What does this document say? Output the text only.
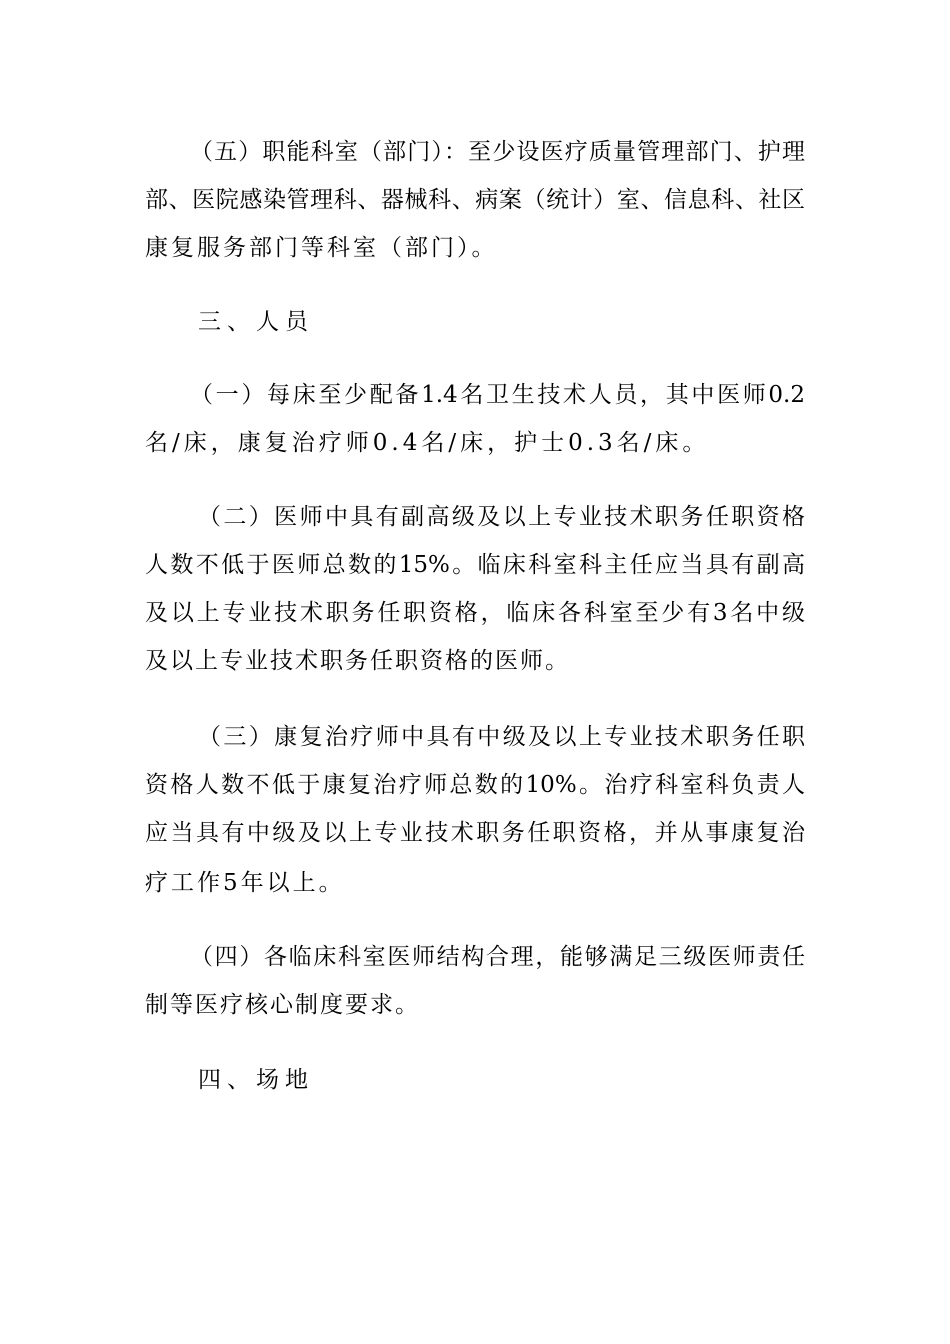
（五）职能科室（部门）：至少设医疗质量管理部门、护理
部、医院感染管理科、器械科、病案（统计）室、信息科、社区
康复服务部门等科室（部门）。
三、人员
（一）每床至少配备1.4名卫生技术人员，其中医师0.2
名/床，康复治疗师0.4名/床，护士0.3名/床。
（二）医师中具有副高级及以上专业技术职务任职资格
人数不低于医师总数的15%。临床科室科主任应当具有副高
及以上专业技术职务任职资格，临床各科室至少有3名中级
及以上专业技术职务任职资格的医师。
（三）康复治疗师中具有中级及以上专业技术职务任职
资格人数不低于康复治疗师总数的10%。治疗科室科负责人
应当具有中级及以上专业技术职务任职资格，并从事康复治
疗工作5年以上。
（四）各临床科室医师结构合理，能够满足三级医师责任
制等医疗核心制度要求。
四、场地
